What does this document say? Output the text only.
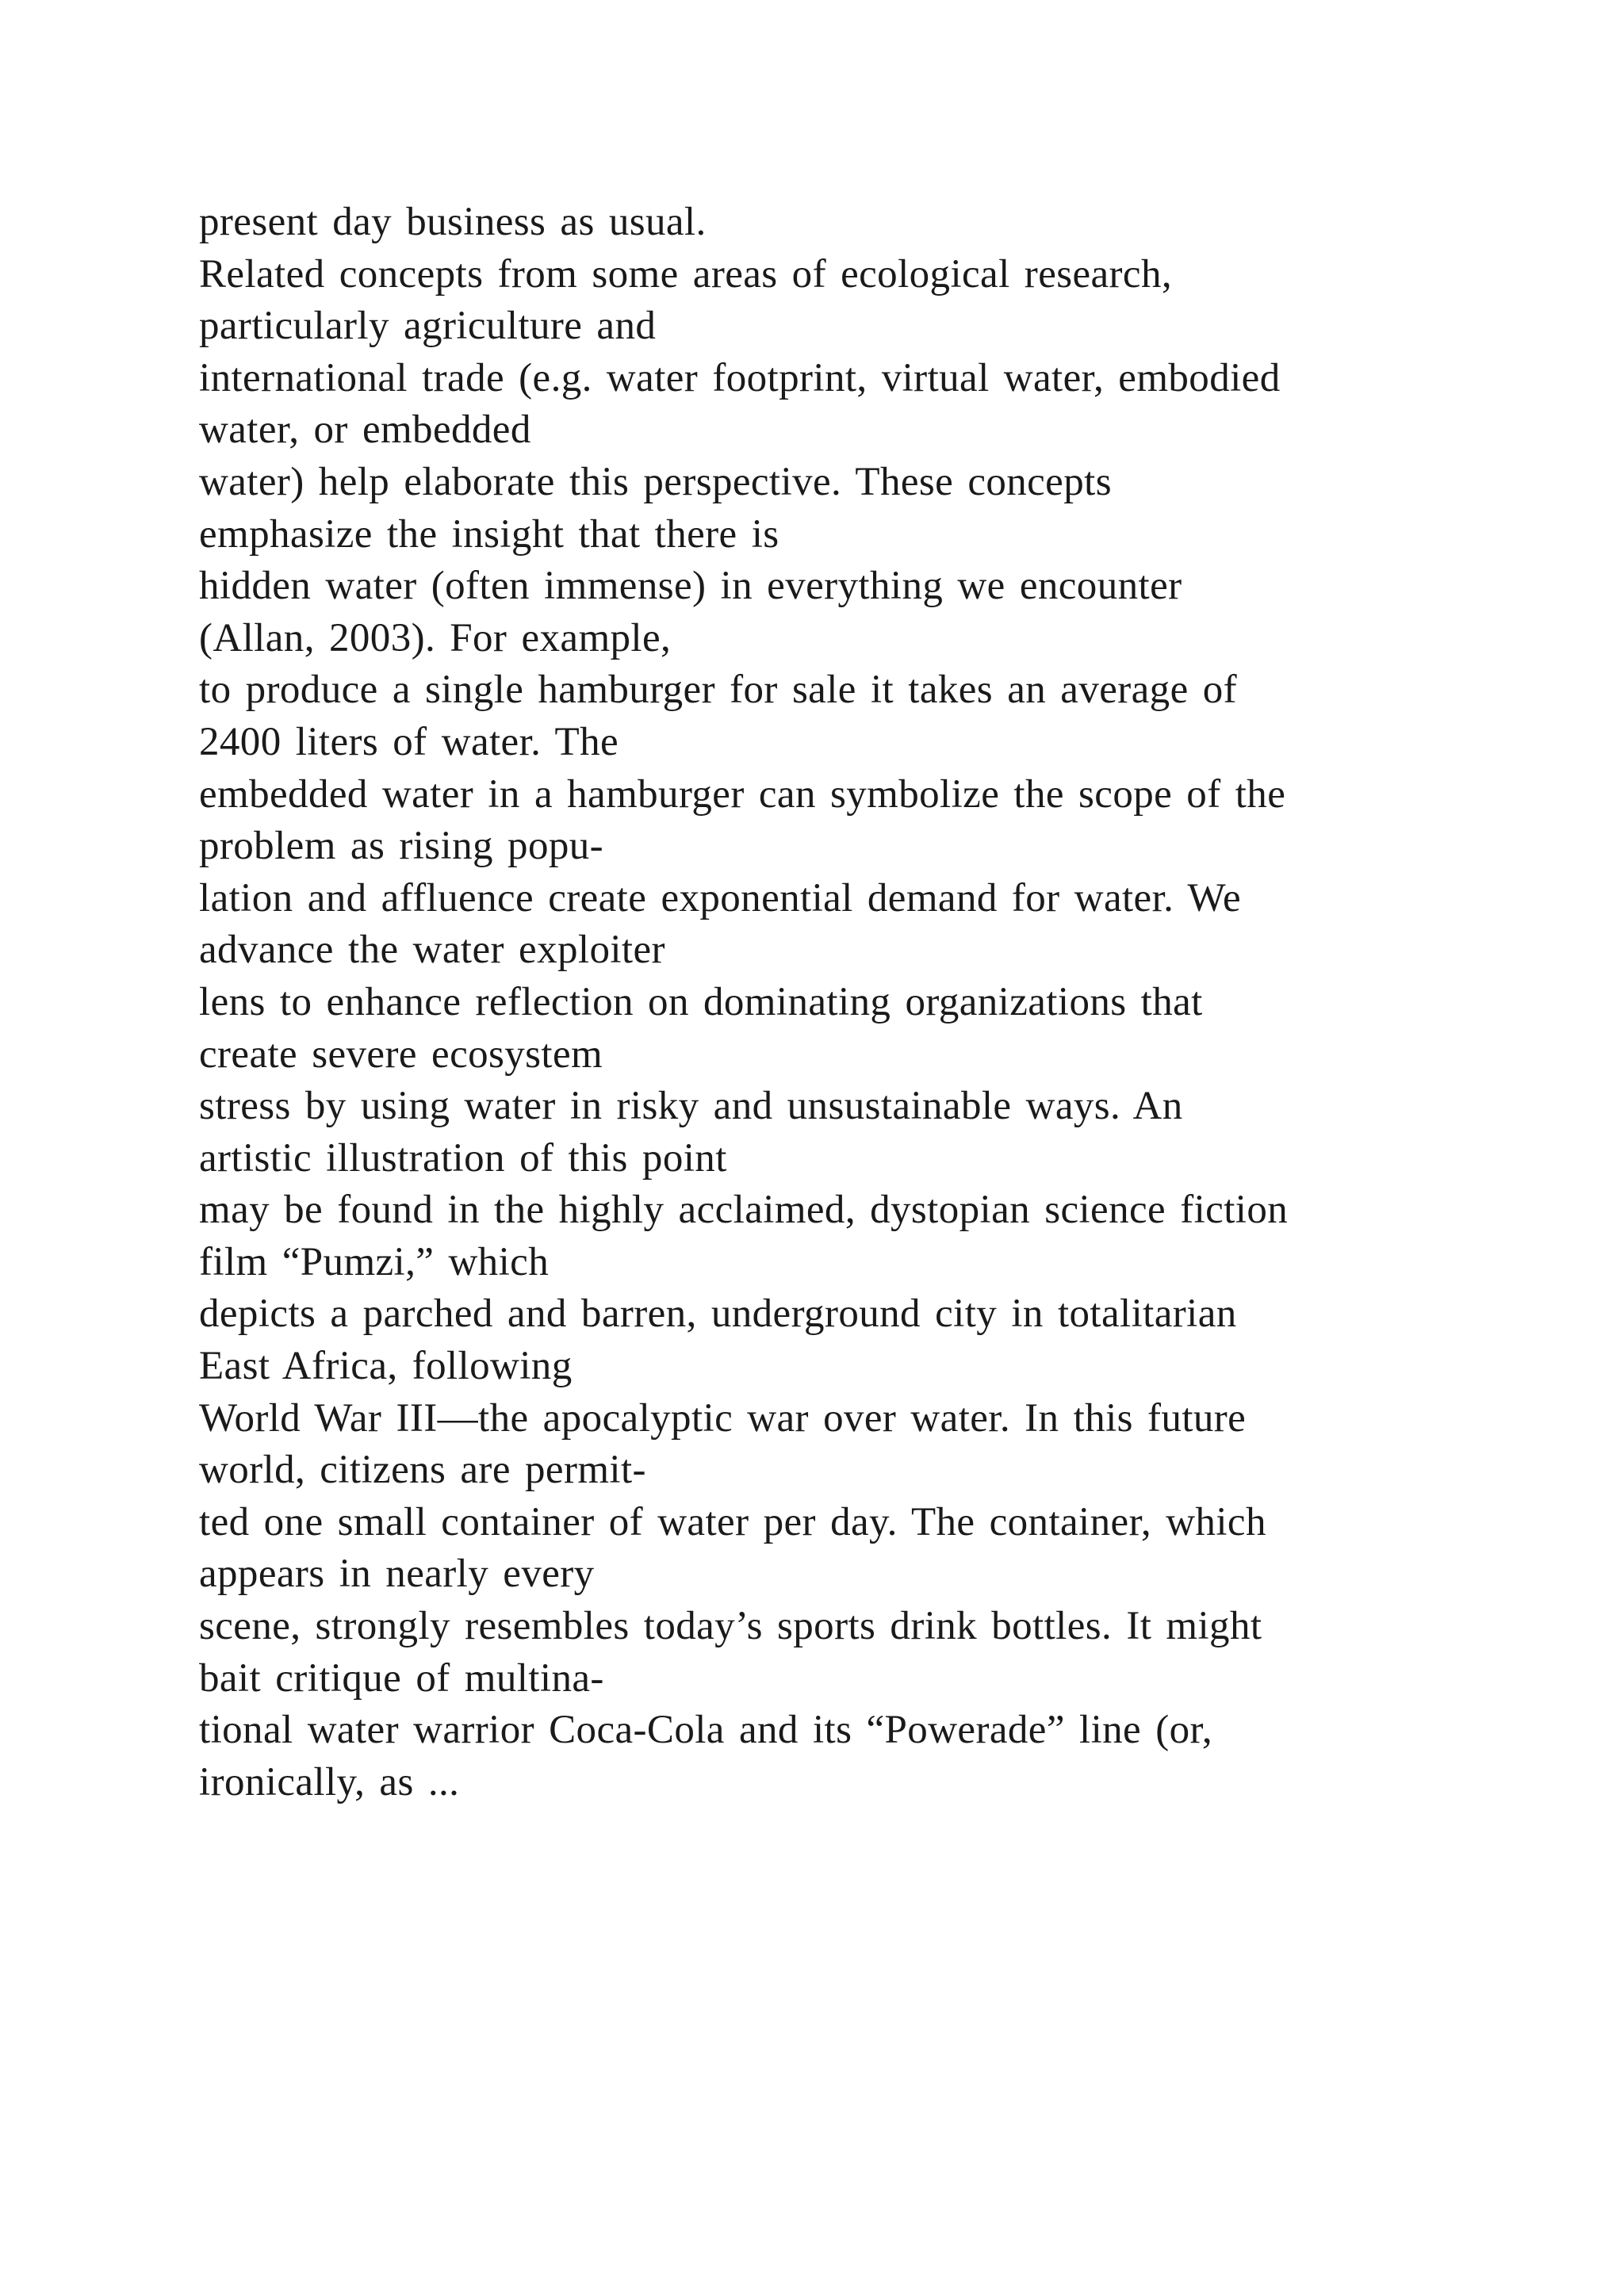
present day business as usual.
Related concepts from some areas of ecological research,
particularly agriculture and
international trade (e.g. water footprint, virtual water, embodied
water, or embedded
water) help elaborate this perspective. These concepts
emphasize the insight that there is
hidden water (often immense) in everything we encounter
(Allan, 2003). For example,
to produce a single hamburger for sale it takes an average of
2400 liters of water. The
embedded water in a hamburger can symbolize the scope of the
problem as rising popu-
lation and affluence create exponential demand for water. We
advance the water exploiter
lens to enhance reflection on dominating organizations that
create severe ecosystem
stress by using water in risky and unsustainable ways. An
artistic illustration of this point
may be found in the highly acclaimed, dystopian science fiction
film “Pumzi,” which
depicts a parched and barren, underground city in totalitarian
East Africa, following
World War III—the apocalyptic war over water. In this future
world, citizens are permit-
ted one small container of water per day. The container, which
appears in nearly every
scene, strongly resembles today’s sports drink bottles. It might
bait critique of multina-
tional water warrior Coca-Cola and its “Powerade” line (or,
ironically, as ...
